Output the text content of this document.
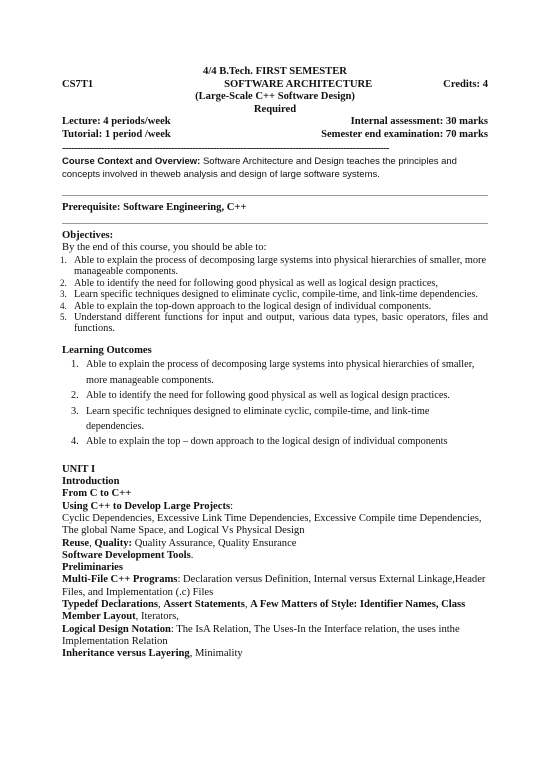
4/4 B.Tech. FIRST SEMESTER
CS7T1	SOFTWARE ARCHITECTURE	Credits: 4
(Large-Scale C++ Software Design)
Required
Lecture: 4 periods/week	Internal assessment: 30 marks
Tutorial: 1 period /week	Semester end examination: 70 marks
------------------------------------------------------------------------------------------------------------
Course Context and Overview: Software Architecture and Design teaches the principles and concepts involved in theweb analysis and design of large software systems.
Prerequisite: Software Engineering, C++
Objectives:
By the end of this course, you should be able to:
1. Able to explain the process of decomposing large systems into physical hierarchies of smaller, more manageable components.
2. Able to identify the need for following good physical as well as logical design practices,
3. Learn specific techniques designed to eliminate cyclic, compile-time, and link-time dependencies.
4. Able to explain the top-down approach to the logical design of individual components.
5. Understand different functions for input and output, various data types, basic operators, files and functions.
Learning Outcomes
1. Able to explain the process of decomposing large systems into physical hierarchies of smaller, more manageable components.
2. Able to identify the need for following good physical as well as logical design practices.
3. Learn specific techniques designed to eliminate cyclic, compile-time, and link-time dependencies.
4. Able to explain the top – down approach to the logical design of individual components

UNIT I

Introduction

From C to C++

Using C++ to Develop Large Projects:

Cyclic Dependencies, Excessive Link Time Dependencies, Excessive Compile time Dependencies, The global Name Space, and Logical Vs Physical Design

Reuse, Quality: Quality Assurance, Quality Ensurance

Software Development Tools.

Preliminaries

Multi-File C++ Programs: Declaration versus Definition, Internal versus External Linkage,Header Files, and Implementation (.c) Files

Typedef Declarations, Assert Statements, A Few Matters of Style: Identifier Names, Class Member Layout, Iterators,

Logical Design Notation: The IsA Relation, The Uses-In the Interface relation, the uses inthe Implementation Relation

Inheritance versus Layering, Minimality
